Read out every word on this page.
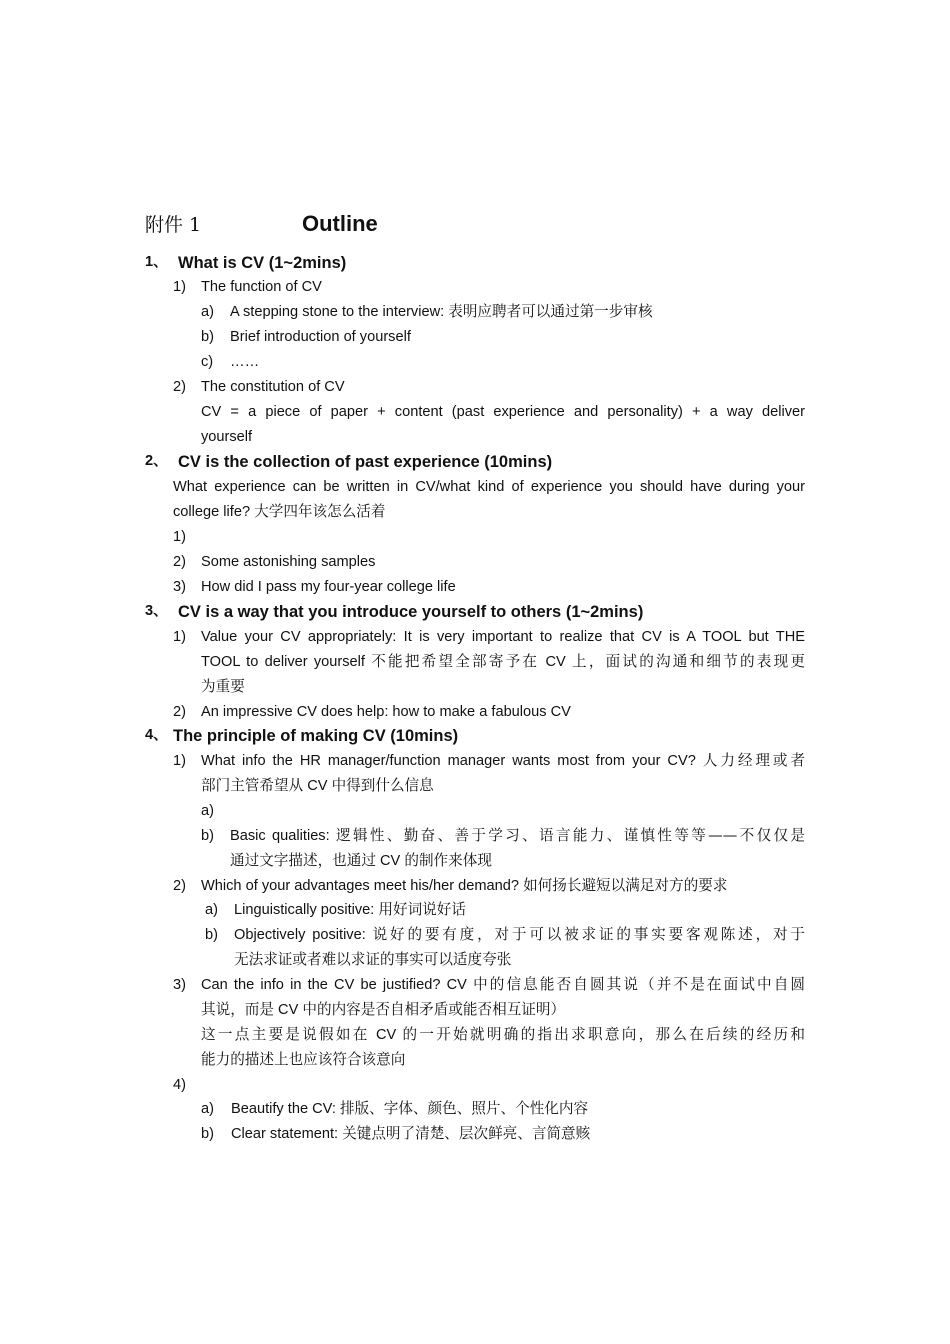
附件 1	Outline

1、 What is CV (1~2mins)

1) The function of CV

a) A stepping stone to the interview: 表明应聘者可以通过第一步审核

b) Brief introduction of yourself

c) ……

2) The constitution of CV

CV = a piece of paper + content (past experience and personality) + a way deliver

yourself

2、 CV is the collection of past experience (10mins)

What experience can be written in CV/what kind of experience you should have during your

college life? 大学四年该怎么活着

1)

2) Some astonishing samples

3) How did I pass my four-year college life

3、 CV is a way that you introduce yourself to others (1~2mins)

1) Value your CV appropriately: It is very important to realize that CV is A TOOL but THE

TOOL to deliver yourself 不能把希望全部寄予在 CV 上，面试的沟通和细节的表现更

为重要

2) An impressive CV does help: how to make a fabulous CV

4、 The principle of making CV (10mins)

1) What info the HR manager/function manager wants most from your CV? 人力经理或者

部门主管希望从 CV 中得到什么信息

a)

b) Basic qualities: 逻辑性、勤奋、善于学习、语言能力、谨慎性等等——不仅仅是

通过文字描述，也通过 CV 的制作来体现

2) Which of your advantages meet his/her demand? 如何扬长避短以满足对方的要求

a) Linguistically positive: 用好词说好话

b) Objectively positive: 说好的要有度，对于可以被求证的事实要客观陈述，对于

无法求证或者难以求证的事实可以适度夸张

3) Can the info in the CV be justified? CV 中的信息能否自圆其说（并不是在面试中自圆

其说，而是 CV 中的内容是否自相矛盾或能否相互证明）

这一点主要是说假如在 CV 的一开始就明确的指出求职意向，那么在后续的经历和

能力的描述上也应该符合该意向

4)

a) Beautify the CV: 排版、字体、颜色、照片、个性化内容

b) Clear statement: 关键点明了清楚、层次鲜亮、言简意赅
